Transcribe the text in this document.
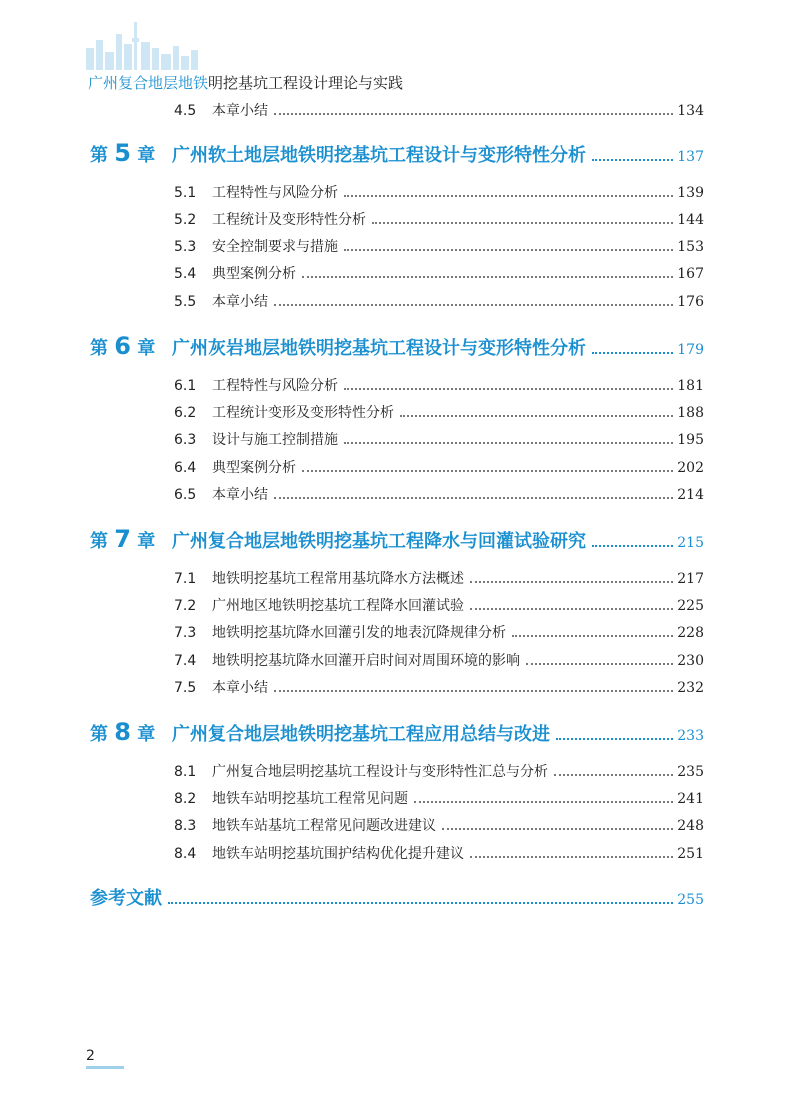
广州复合地层地铁明挖基坑工程设计理论与实践
4.5	本章小结	134
第 5 章 广州软土地层地铁明挖基坑工程设计与变形特性分析	137
5.1	工程特性与风险分析	139
5.2	工程统计及变形特性分析	144
5.3	安全控制要求与措施	153
5.4	典型案例分析	167
5.5	本章小结	176
第 6 章 广州灰岩地层地铁明挖基坑工程设计与变形特性分析	179
6.1	工程特性与风险分析	181
6.2	工程统计变形及变形特性分析	188
6.3	设计与施工控制措施	195
6.4	典型案例分析	202
6.5	本章小结	214
第 7 章 广州复合地层地铁明挖基坑工程降水与回灌试验研究	215
7.1	地铁明挖基坑工程常用基坑降水方法概述	217
7.2	广州地区地铁明挖基坑工程降水回灌试验	225
7.3	地铁明挖基坑降水回灌引发的地表沉降规律分析	228
7.4	地铁明挖基坑降水回灌开启时间对周围环境的影响	230
7.5	本章小结	232
第 8 章 广州复合地层地铁明挖基坑工程应用总结与改进	233
8.1	广州复合地层明挖基坑工程设计与变形特性汇总与分析	235
8.2	地铁车站明挖基坑工程常见问题	241
8.3	地铁车站基坑工程常见问题改进建议	248
8.4	地铁车站明挖基坑围护结构优化提升建议	251
参考文献	255
2
